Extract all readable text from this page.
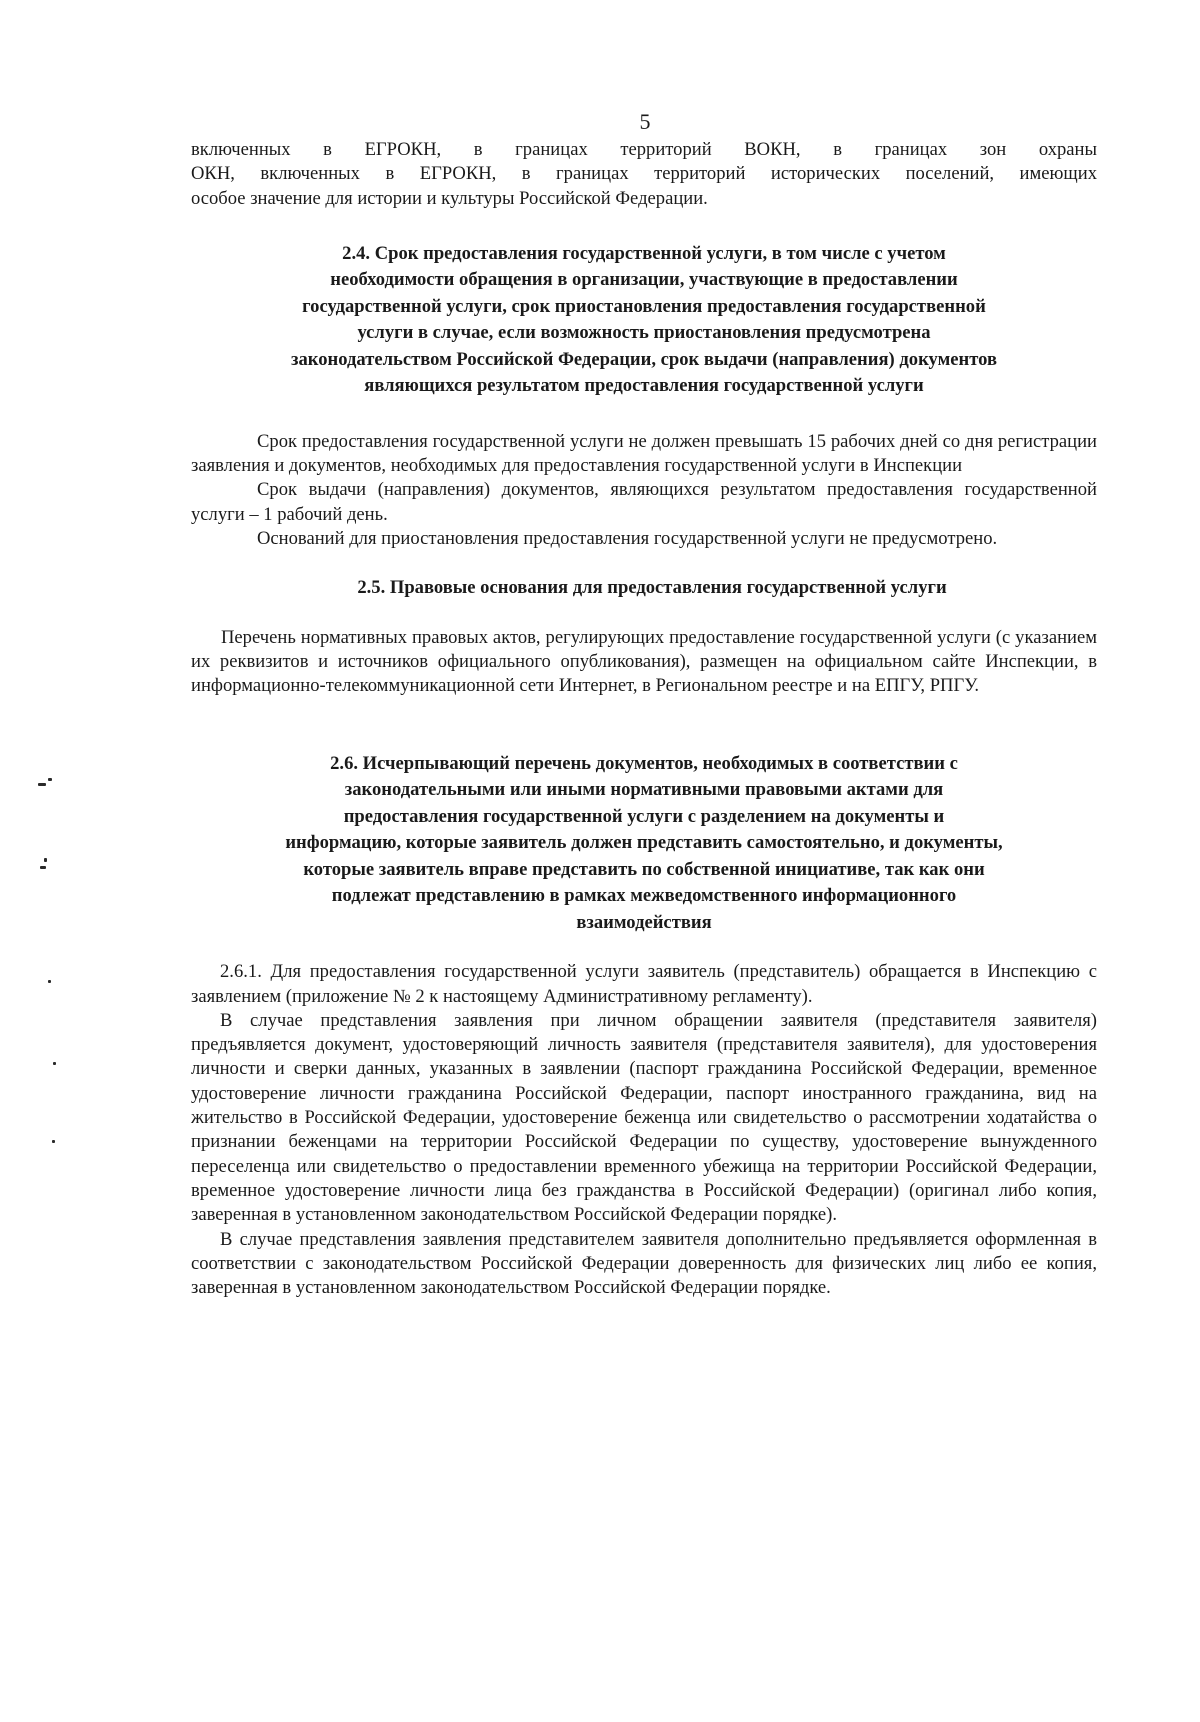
5

включенных в ЕГРОКН, в границах территорий ВОКН, в границах зон охраны

ОКН, включенных в ЕГРОКН, в границах территорий исторических поселений, имеющих

особое значение для истории и культуры Российской Федерации.

2.4. Срок предоставления государственной услуги, в том числе с учетом
необходимости обращения в организации, участвующие в предоставлении
государственной услуги, срок приостановления предоставления государственной
услуги в случае, если возможность приостановления предусмотрена
законодательством Российской Федерации, срок выдачи (направления) документов
являющихся результатом предоставления государственной услуги

Срок предоставления государственной услуги не должен превышать 15 рабочих дней со дня регистрации заявления и документов, необходимых для предоставления государственной услуги в Инспекции

Срок выдачи (направления) документов, являющихся результатом предоставления государственной услуги – 1 рабочий день.

Оснований для приостановления предоставления государственной услуги не предусмотрено.

2.5. Правовые основания для предоставления государственной услуги

Перечень нормативных правовых актов, регулирующих предоставление государственной услуги (с указанием их реквизитов и источников официального опубликования), размещен на официальном сайте Инспекции, в информационно-телекоммуникационной сети Интернет, в Региональном реестре и на ЕПГУ, РПГУ.

2.6. Исчерпывающий перечень документов, необходимых в соответствии с
законодательными или иными нормативными правовыми актами для
предоставления государственной услуги с разделением на документы и
информацию, которые заявитель должен представить самостоятельно, и документы,
которые заявитель вправе представить по собственной инициативе, так как они
подлежат представлению в рамках межведомственного информационного
взаимодействия

2.6.1. Для предоставления государственной услуги заявитель (представитель) обращается в Инспекцию с заявлением (приложение № 2 к настоящему Административному регламенту).

В случае представления заявления при личном обращении заявителя (представителя заявителя) предъявляется документ, удостоверяющий личность заявителя (представителя заявителя), для удостоверения личности и сверки данных, указанных в заявлении (паспорт гражданина Российской Федерации, временное удостоверение личности гражданина Российской Федерации, паспорт иностранного гражданина, вид на жительство в Российской Федерации, удостоверение беженца или свидетельство о рассмотрении ходатайства о признании беженцами на территории Российской Федерации по существу, удостоверение вынужденного переселенца или свидетельство о предоставлении временного убежища на территории Российской Федерации, временное удостоверение личности лица без гражданства в Российской Федерации) (оригинал либо копия, заверенная в установленном законодательством Российской Федерации порядке).

В случае представления заявления представителем заявителя дополнительно предъявляется оформленная в соответствии с законодательством Российской Федерации доверенность для физических лиц либо ее копия, заверенная в установленном законодательством Российской Федерации порядке.
